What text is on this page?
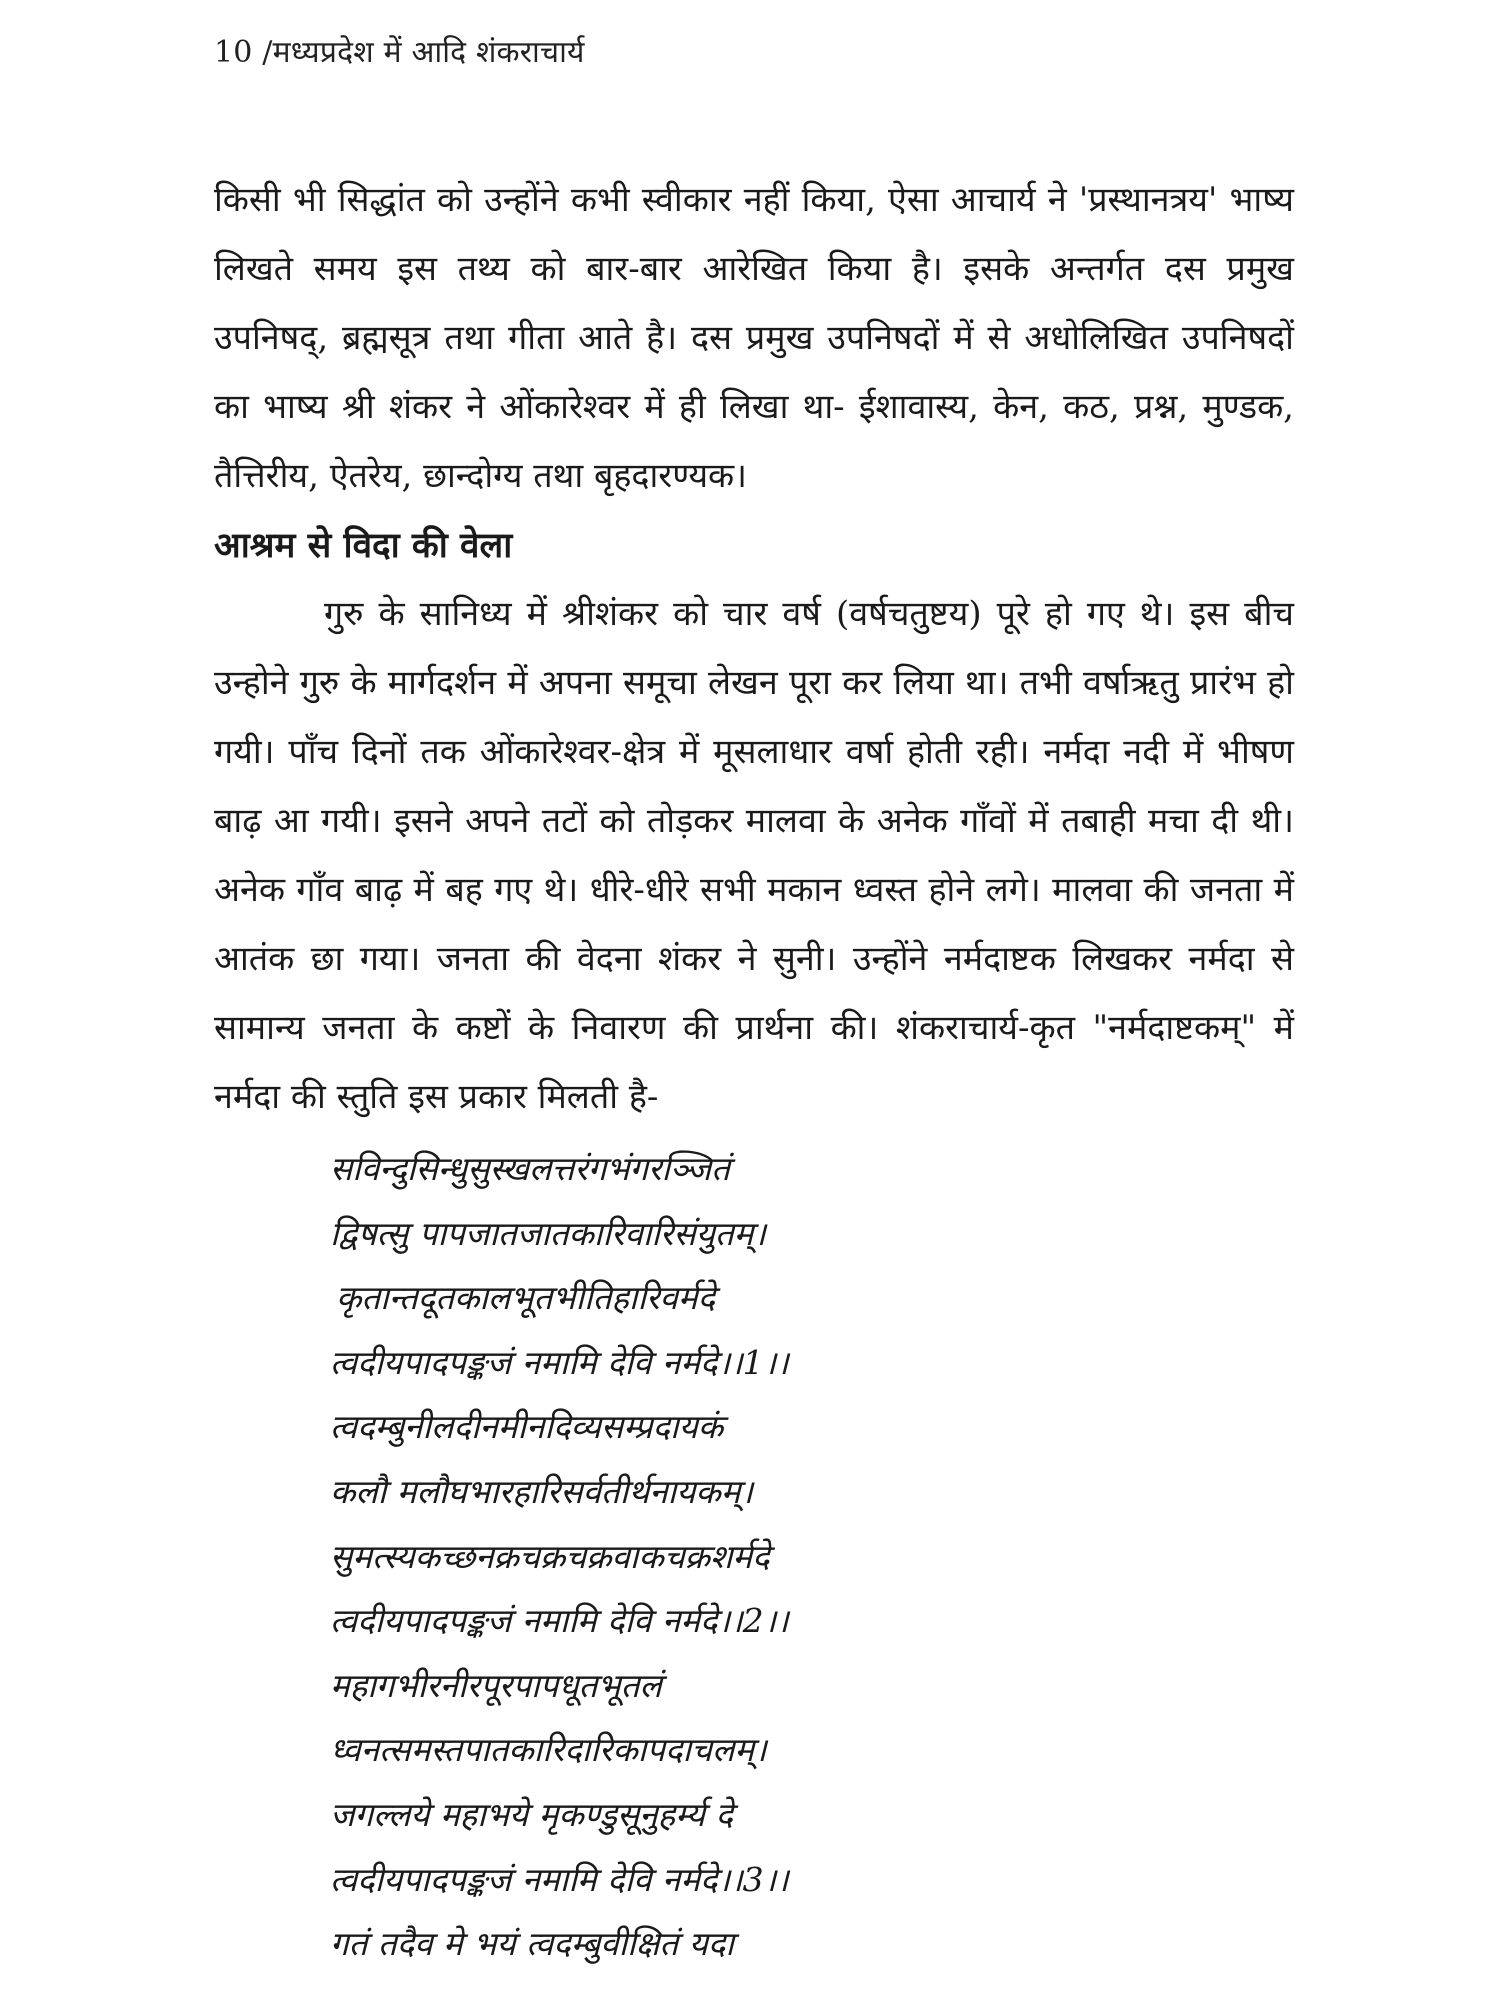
10 /मध्यप्रदेश में आदि शंकराचार्य

किसी भी सिद्धांत को उन्होंने कभी स्वीकार नहीं किया, ऐसा आचार्य ने 'प्रस्थानत्रय' भाष्य लिखते समय इस तथ्य को बार-बार आरेखित किया है। इसके अन्तर्गत दस प्रमुख उपनिषद्, ब्रह्मसूत्र तथा गीता आते है। दस प्रमुख उपनिषदों में से अधोलिखित उपनिषदों का भाष्य श्री शंकर ने ओंकारेश्वर में ही लिखा था- ईशावास्य, केन, कठ, प्रश्न, मुण्डक, तैत्तिरीय, ऐतरेय, छान्दोग्य तथा बृहदारण्यक।

आश्रम से विदा की वेला

गुरु के सानिध्य में श्रीशंकर को चार वर्ष (वर्षचतुष्टय) पूरे हो गए थे। इस बीच उन्होने गुरु के मार्गदर्शन में अपना समूचा लेखन पूरा कर लिया था। तभी वर्षाऋतु प्रारंभ हो गयी। पाँच दिनों तक ओंकारेश्वर-क्षेत्र में मूसलाधार वर्षा होती रही। नर्मदा नदी में भीषण बाढ़ आ गयी। इसने अपने तटों को तोड़कर मालवा के अनेक गाँवों में तबाही मचा दी थी। अनेक गाँव बाढ़ में बह गए थे। धीरे-धीरे सभी मकान ध्वस्त होने लगे। मालवा की जनता में आतंक छा गया। जनता की वेदना शंकर ने सुनी। उन्होंने नर्मदाष्टक लिखकर नर्मदा से सामान्य जनता के कष्टों के निवारण की प्रार्थना की। शंकराचार्य-कृत "नर्मदाष्टकम्" में नर्मदा की स्तुति इस प्रकार मिलती है-

सविन्दुसिन्धुसुस्खलत्तरंगभंगरञ्जितं
द्विषत्सु पापजातजातकारिवारिसंयुतम्।
कृतान्तदूतकालभूतभीतिहारिवर्मदे
त्वदीयपादपङ्कजं नमामि देवि नर्मदे।।1।।
त्वदम्बुनीलदीनमीनदिव्यसम्प्रदायकं
कलौ मलौघभारहारिसर्वतीर्थनायकम्।
सुमत्स्यकच्छनक्रचक्रचक्रवाकचक्रशर्मदे
त्वदीयपादपङ्कजं नमामि देवि नर्मदे।।2।।
महागभीरनीरपूरपापधूतभूतलं
ध्वनत्समस्तपातकारिदारिकापदाचलम्।
जगल्लये महाभये मृकण्डुसूनुहर्म्य दे
त्वदीयपादपङ्कजं नमामि देवि नर्मदे।।3।।
गतं तदैव मे भयं त्वदम्बुवीक्षितं यदा
